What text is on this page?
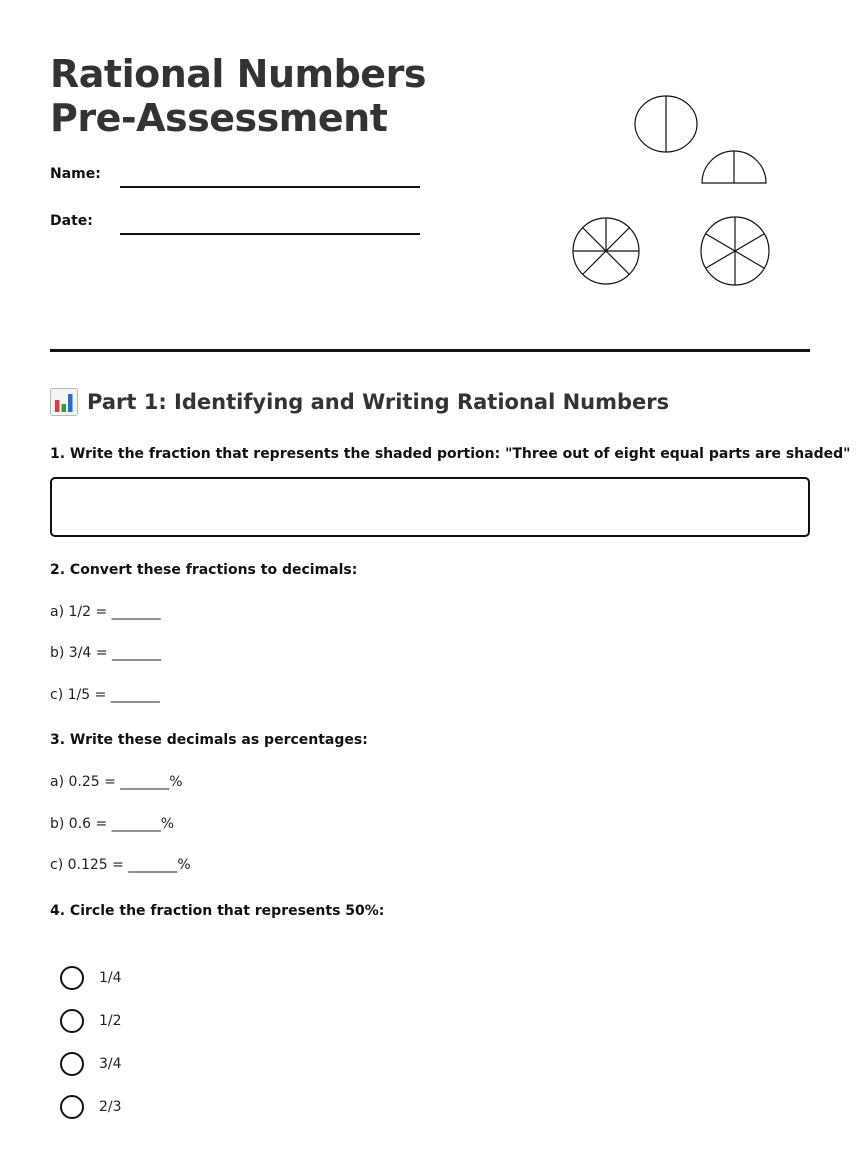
Rational Numbers Pre-Assessment
Name:
Date:
Part 1: Identifying and Writing Rational Numbers

1. Write the fraction that represents the shaded portion: "Three out of eight equal parts are shaded"

2. Convert these fractions to decimals:

a) 1/2 = _______
b) 3/4 = _______
c) 1/5 = _______

3. Write these decimals as percentages:

a) 0.25 = _______%
b) 0.6 = _______%
c) 0.125 = _______%

4. Circle the fraction that represents 50%:

1/4
1/2
3/4
2/3
